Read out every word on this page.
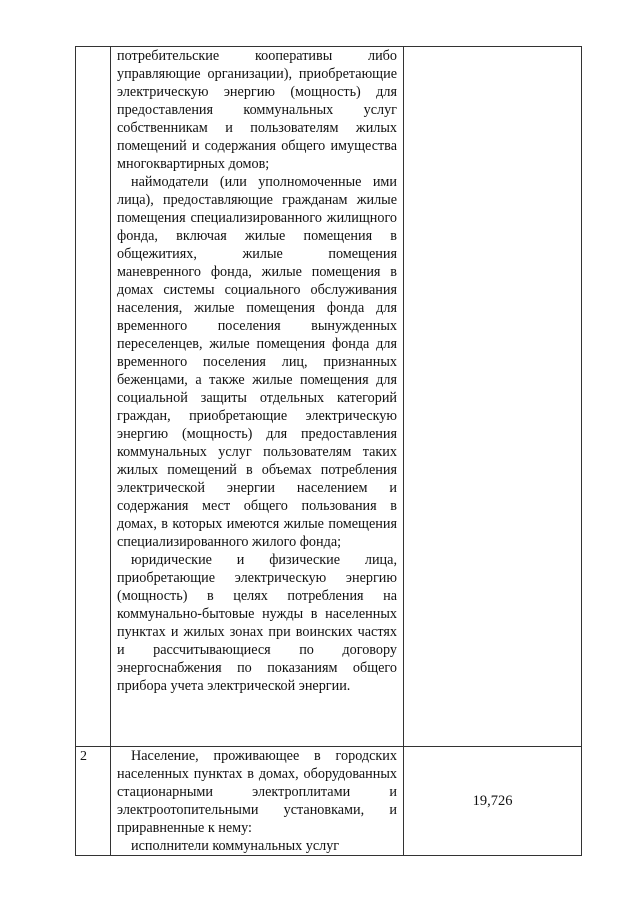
	потребительские кооперативы либо управляющие организации), приобретающие электрическую энергию (мощность) для предоставления коммунальных услуг собственникам и пользователям жилых помещений и содержания общего имущества многоквартирных домов;

наймодатели (или уполномоченные ими лица), предоставляющие гражданам жилые помещения специализированного жилищного фонда, включая жилые помещения в общежитиях, жилые помещения маневренного фонда, жилые помещения в домах системы социального обслуживания населения, жилые помещения фонда для временного поселения вынужденных переселенцев, жилые помещения фонда для временного поселения лиц, признанных беженцами, а также жилые помещения для социальной защиты отдельных категорий граждан, приобретающие электрическую энергию (мощность) для предоставления коммунальных услуг пользователям таких жилых помещений в объемах потребления электрической энергии населением и содержания мест общего пользования в домах, в которых имеются жилые помещения специализированного жилого фонда;

юридические и физические лица, приобретающие электрическую энергию (мощность) в целях потребления на коммунально-бытовые нужды в населенных пунктах и жилых зонах при воинских частях и рассчитывающиеся по договору энергоснабжения по показаниям общего прибора учета электрической энергии.	

2	Население, проживающее в городских населенных пунктах в домах, оборудованных стационарными электроплитами и электроотопительными установками, и приравненные к нему:

исполнители коммунальных услуг	19,726
